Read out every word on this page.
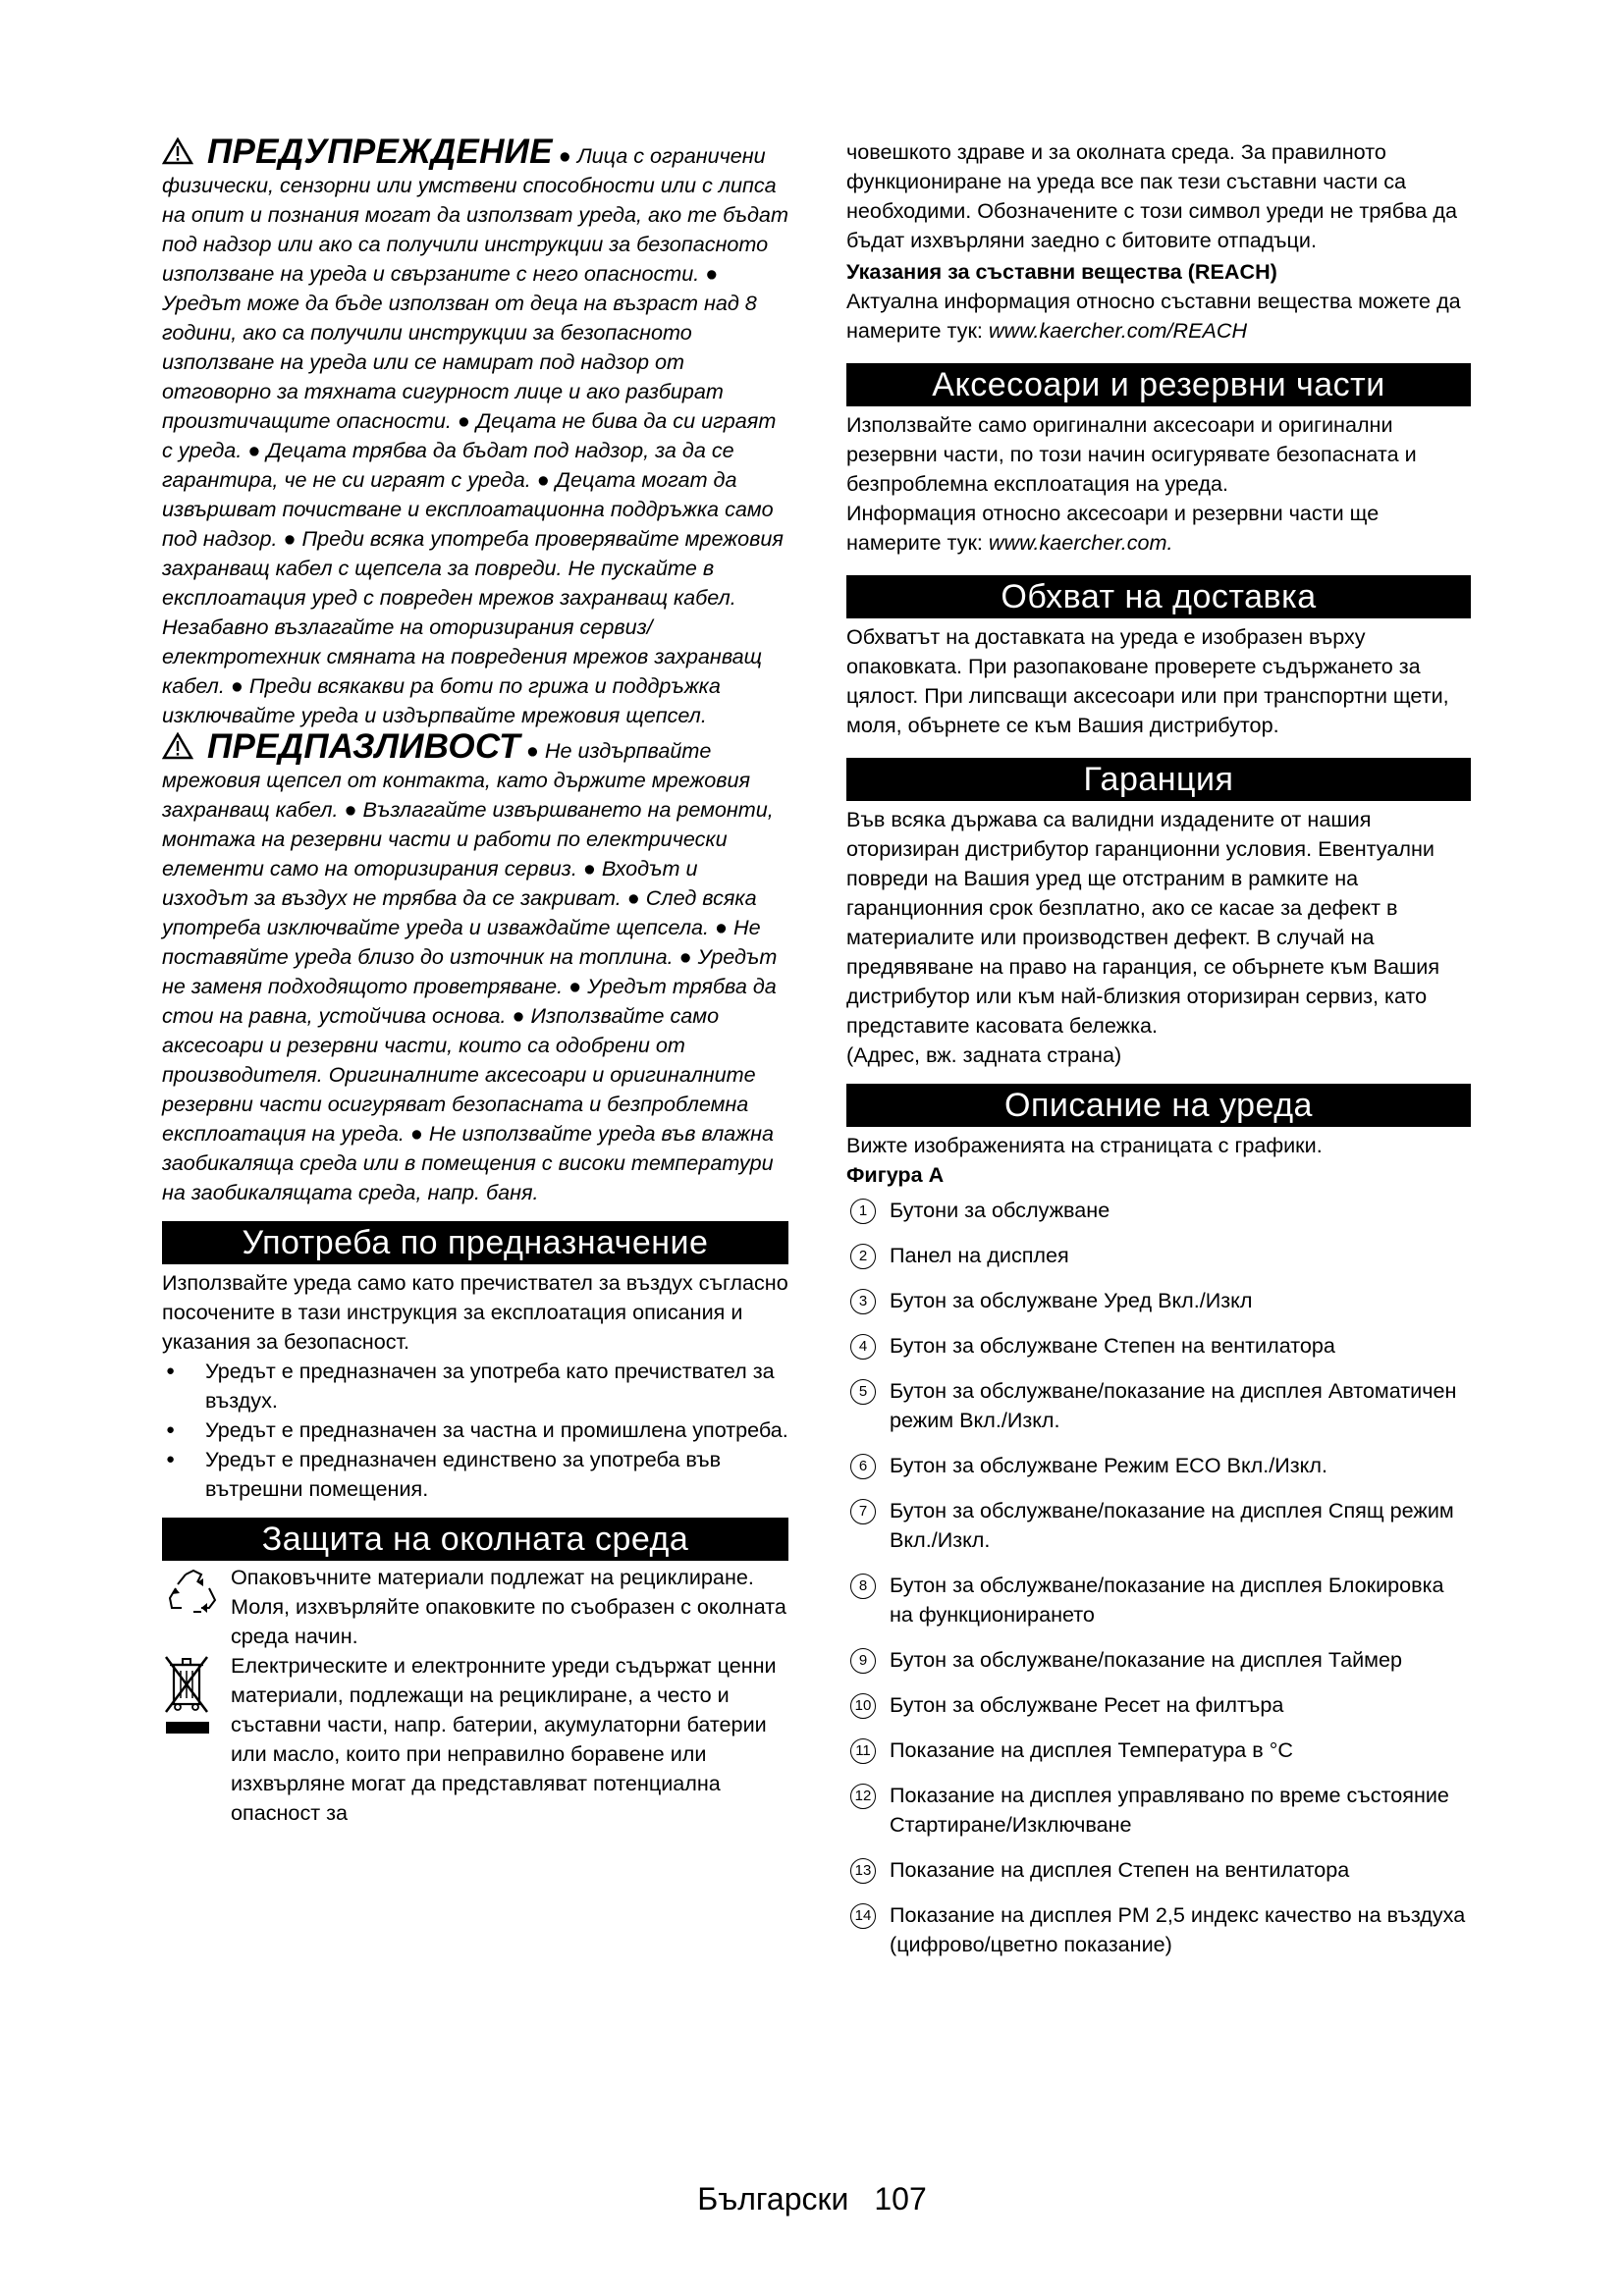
ПРЕДУПРЕЖДЕНИЕ ● Лица с ограничени физически, сензорни или умствени способности или с липса на опит и познания могат да използват уреда, ако те бъдат под надзор или ако са получили инструкции за безопасното използване на уреда и свързаните с него опасности. ● Уредът може да бъде използван от деца на възраст над 8 години, ако са получили инструкции за безопасното използване на уреда или се намират под надзор от отговорно за тяхната сигурност лице и ако разбират произтичащите опасности. ● Децата не бива да си играят с уреда. ● Децата трябва да бъдат под надзор, за да се гарантира, че не си играят с уреда. ● Децата могат да извършват почистване и експлоатационна поддръжка само под надзор. ● Преди всяка употреба проверявайте мрежовия захранващ кабел с щепсела за повреди. Не пускайте в експлоатация уред с повреден мрежов захранващ кабел. Незабавно възлагайте на оторизирания сервиз/електротехник смяната на повредения мрежов захранващ кабел. ● Преди всякакви ра боти по грижа и поддръжка изключвайте уреда и издърпвайте мрежовия щепсел.

ПРЕДПАЗЛИВОСТ ● Не издърпвайте мрежовия щепсел от контакта, като държите мрежовия захранващ кабел. ● Възлагайте извършването на ремонти, монтажа на резервни части и работи по електрически елементи само на оторизирания сервиз. ● Входът и изходът за въздух не трябва да се закриват. ● След всяка употреба изключвайте уреда и изваждайте щепсела. ● Не поставяйте уреда близо до източник на топлина. ● Уредът не заменя подходящото проветряване. ● Уредът трябва да стои на равна, устойчива основа. ● Използвайте само аксесоари и резервни части, които са одобрени от производителя. Оригиналните аксесоари и оригиналните резервни части осигуряват безопасната и безпроблемна експлоатация на уреда. ● Не използвайте уреда във влажна заобикаляща среда или в помещения с високи температури на заобикалящата среда, напр. баня.

Употреба по предназначение

Използвайте уреда само като пречиствател за въздух съгласно посочените в тази инструкция за експлоатация описания и указания за безопасност.

● Уредът е предназначен за употреба като пречиствател за въздух.
● Уредът е предназначен за частна и промишлена употреба.
● Уредът е предназначен единствено за употреба във вътрешни помещения.
Защита на околната среда
Опаковъчните материали подлежат на рециклиране. Моля, изхвърляйте опаковките по съобразен с околната среда начин.
Електрическите и електронните уреди съдържат ценни материали, подлежащи на рециклиране, а често и съставни части, напр. батерии, акумулаторни батерии или масло, които при неправилно боравене или изхвърляне могат да представляват потенциална опасност за

човешкото здраве и за околната среда. За правилното функциониране на уреда все пак тези съставни части са необходими. Обозначените с този символ уреди не трябва да бъдат изхвърляни заедно с битовите отпадъци.

Указания за съставни вещества (REACH)

Актуална информация относно съставни вещества можете да намерите тук: www.kaercher.com/REACH

Аксесоари и резервни части

Използвайте само оригинални аксесоари и оригинални резервни части, по този начин осигурявате безопасната и безпроблемна експлоатация на уреда.

Информация относно аксесоари и резервни части ще намерите тук: www.kaercher.com.

Обхват на доставка

Обхватът на доставката на уреда е изобразен върху опаковката. При разопаковане проверете съдържането за цялост. При липсващи аксесоари или при транспортни щети, моля, обърнете се към Вашия дистрибутор.

Гаранция

Във всяка държава са валидни издадените от нашия оторизиран дистрибутор гаранционни условия. Евентуални повреди на Вашия уред ще отстраним в рамките на гаранционния срок безплатно, ако се касае за дефект в материалите или производствен дефект. В случай на предявяване на право на гаранция, се обърнете към Вашия дистрибутор или към най-близкия оторизиран сервиз, като представите касовата бележка.

(Адрес, вж. задната страна)

Описание на уреда

Вижте изображенията на страницата с графики.

Фигура A

1	Бутони за обслужване
2	Панел на дисплея
3	Бутон за обслужване Уред Вкл./Изкл
4	Бутон за обслужване Степен на вентилатора
5	Бутон за обслужване/показание на дисплея Автоматичен режим Вкл./Изкл.
6	Бутон за обслужване Режим ECO Вкл./Изкл.
7	Бутон за обслужване/показание на дисплея Спящ режим Вкл./Изкл.
8	Бутон за обслужване/показание на дисплея Блокировка на функционирането
9	Бутон за обслужване/показание на дисплея Таймер
10 Бутон за обслужване Ресет на филтъра
11 Показание на дисплея Температура в °C
12 Показание на дисплея управлявано по време състояние Стартиране/Изключване
13 Показание на дисплея Степен на вентилатора
14 Показание на дисплея PM 2,5 индекс качество на въздуха (цифрово/цветно показание)
Български 107
